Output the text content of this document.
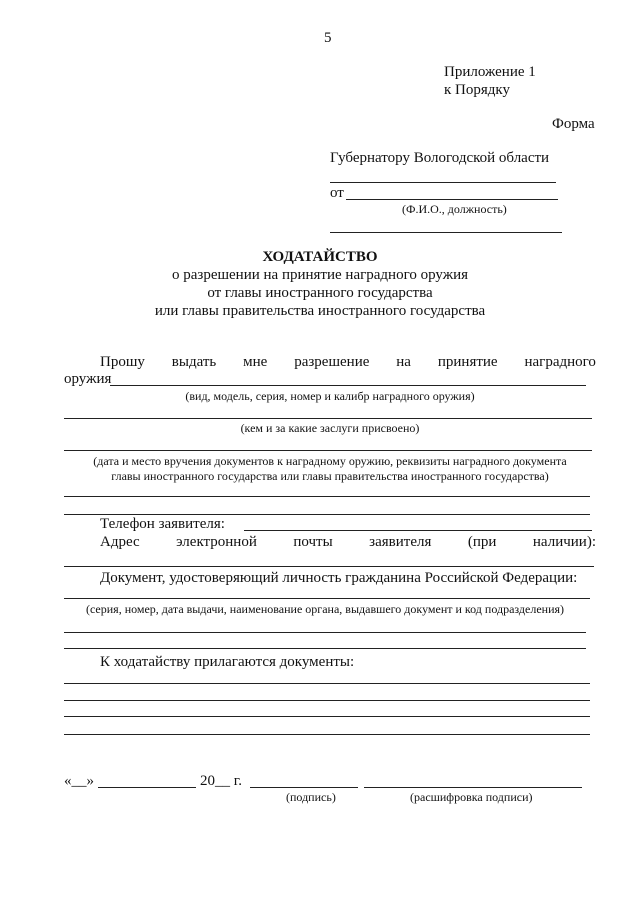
5
Приложение 1
к Порядку
Форма
Губернатору Вологодской области
от
(Ф.И.О., должность)
ХОДАТАЙСТВО
о разрешении на принятие наградного оружия
от главы иностранного государства
или главы правительства иностранного государства
Прошу выдать мне разрешение на принятие наградного
оружия
(вид, модель, серия, номер и калибр наградного оружия)
(кем и за какие заслуги присвоено)
(дата и место вручения документов к наградному оружию, реквизиты наградного документа
главы иностранного государства или главы правительства иностранного государства)
Телефон заявителя:
Адрес электронной почты заявителя (при наличии):
Документ, удостоверяющий личность гражданина Российской Федерации:
(серия, номер, дата выдачи, наименование органа, выдавшего документ и код подразделения)
К ходатайству прилагаются документы:
«__»	20__ г.
(подпись)	(расшифровка подписи)
